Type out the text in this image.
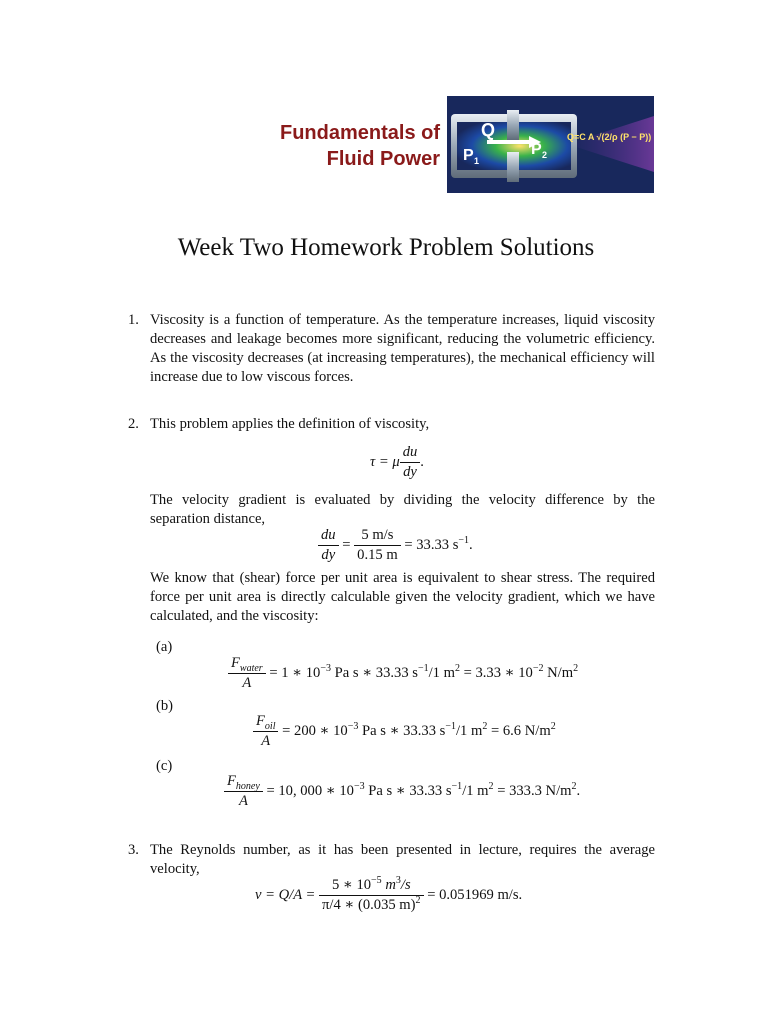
Fundamentals of
Fluid Power
Q
P 1
P 2
Q=C A √(2/ρ (P − P))
Week Two Homework Problem Solutions
1. Viscosity is a function of temperature. As the temperature increases, liquid viscosity decreases and leakage becomes more significant, reducing the volumetric efficiency. As the viscosity decreases (at increasing temperatures), the mechanical efficiency will increase due to low viscous forces.
2. This problem applies the definition of viscosity,
τ = μ $\frac{du}{dy}$ .
The velocity gradient is evaluated by dividing the velocity difference by the separation distance,
$\frac{du}{dy} = \frac{5 m/s}{0.15 m} = 33.33$ $s^{-1}$.
We know that (shear) force per unit area is equivalent to shear stress. The required force per unit area is directly calculable given the velocity gradient, which we have calculated, and the viscosity:
(a)
$\frac{F_{water}}{A} = 1$ ∗ $10^{-3}$ Pa s ∗ 33.33 $s^{-1}/1$ $m^2 = 3.33$ ∗ $10^{-2}$ $N/m^2$
(b)
$\frac{F_{oil}}{A} = 200$ ∗ $10^{-3}$ Pa s ∗ 33.33 $s^{-1}/1$ $m^2 = 6.6$ $N/m^2$
(c)
$\frac{F_{honey}}{A} = 10$, 000 ∗ $10^{-3}$ Pa s ∗ 33.33 $s^{-1}/1$ $m^2 = 333.3$ $N/m^2$.
3. The Reynolds number, as it has been presented in lecture, requires the average velocity,
$v = Q/A = \frac{5 ∗ 10^{-5} m^3/s}{\pi/4 ∗ (0.035 m)^2} = 0.051969$ m/s.
